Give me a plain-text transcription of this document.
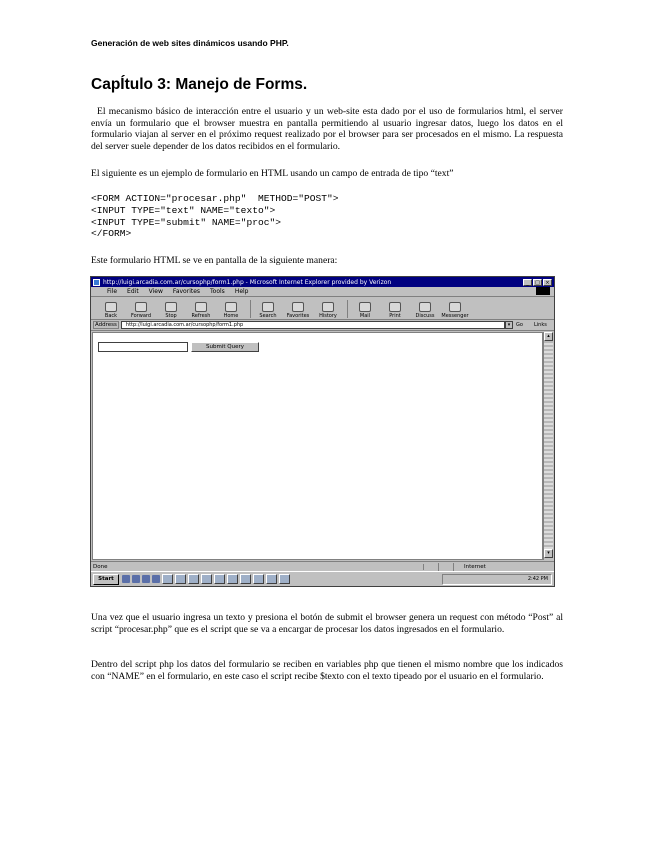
Generación de web sites dinámicos usando PHP.
CapÍtulo 3: Manejo de Forms.

El mecanismo básico de interacción entre el usuario y un web-site esta dado por el uso de formularios html, el server envía un formulario que el browser muestra en pantalla permitiendo al usuario ingresar datos, luego los datos en el formulario viajan al server en el próximo request realizado por el browser para ser procesados en el mismo. La respuesta del server suele depender de los datos recibidos en el formulario.

El siguiente es un ejemplo de formulario en HTML usando un campo de entrada de tipo “text”

<FORM ACTION="procesar.php"  METHOD="POST">
<INPUT TYPE="text" NAME="texto">
<INPUT TYPE="submit" NAME="proc">
</FORM>

Este formulario HTML se ve en pantalla de la siguiente manera:

http://luigi.arcadia.com.ar/cursophp/form1.php - Microsoft Internet Explorer provided by Verizon	_	□	×
File Edit View Favorites Tools Help
Back	Forward	Stop	Refresh	Home	Search Favorites History	Mail	Print	Discuss Messenger
Address	http://luigi.arcadia.com.ar/cursophp/form1.php	▾	Go	Links
Submit Query
▴
▾
Done	Internet
Start	2:42 PM

Una vez que el usuario ingresa un texto y presiona el botón de submit el browser genera un request con método “Post” al script “procesar.php” que es el script que se va a encargar de procesar los datos ingresados en el formulario.

Dentro del script php los datos del formulario se reciben en variables php que tienen el mismo nombre que los indicados con “NAME” en el formulario, en este caso el script recibe $texto con el texto tipeado por el usuario en el formulario.
